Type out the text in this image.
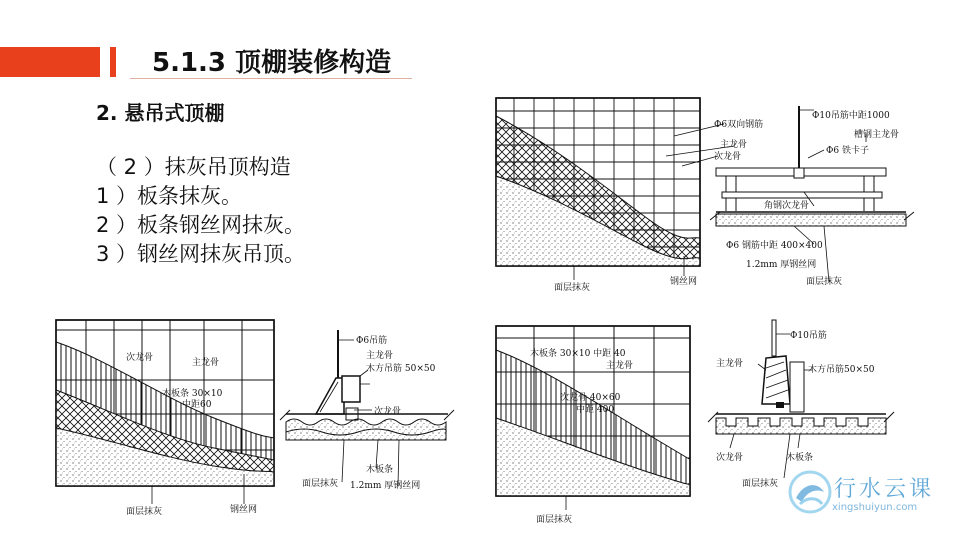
5.1.3 顶棚装修构造
2. 悬吊式顶棚
（ 2 ）抹灰吊顶构造
1 ）板条抹灰。
2 ）板条钢丝网抹灰。
3 ）钢丝网抹灰吊顶。
面层抹灰
钢丝网
Φ6双向钢筋
主龙骨
次龙骨
Φ10吊筋中距1000
槽钢主龙骨
Φ6 铁卡子
角钢次龙骨
Φ6 钢筋中距 400×400
1.2mm 厚钢丝网
面层抹灰
次龙骨	主龙骨
木板条 30×10
中距60
面层抹灰	钢丝网
Φ6吊筋
主龙骨
木方吊筋 50×50
次龙骨
面层抹灰
木板条
1.2mm 厚钢丝网
木板条 30×10 中距 40
主龙骨
次龙骨 40×60
中距 400
面层抹灰
Φ10吊筋
主龙骨
木方吊筋50×50
次龙骨	木板条
面层抹灰	行水云课
xingshuiyun.com
